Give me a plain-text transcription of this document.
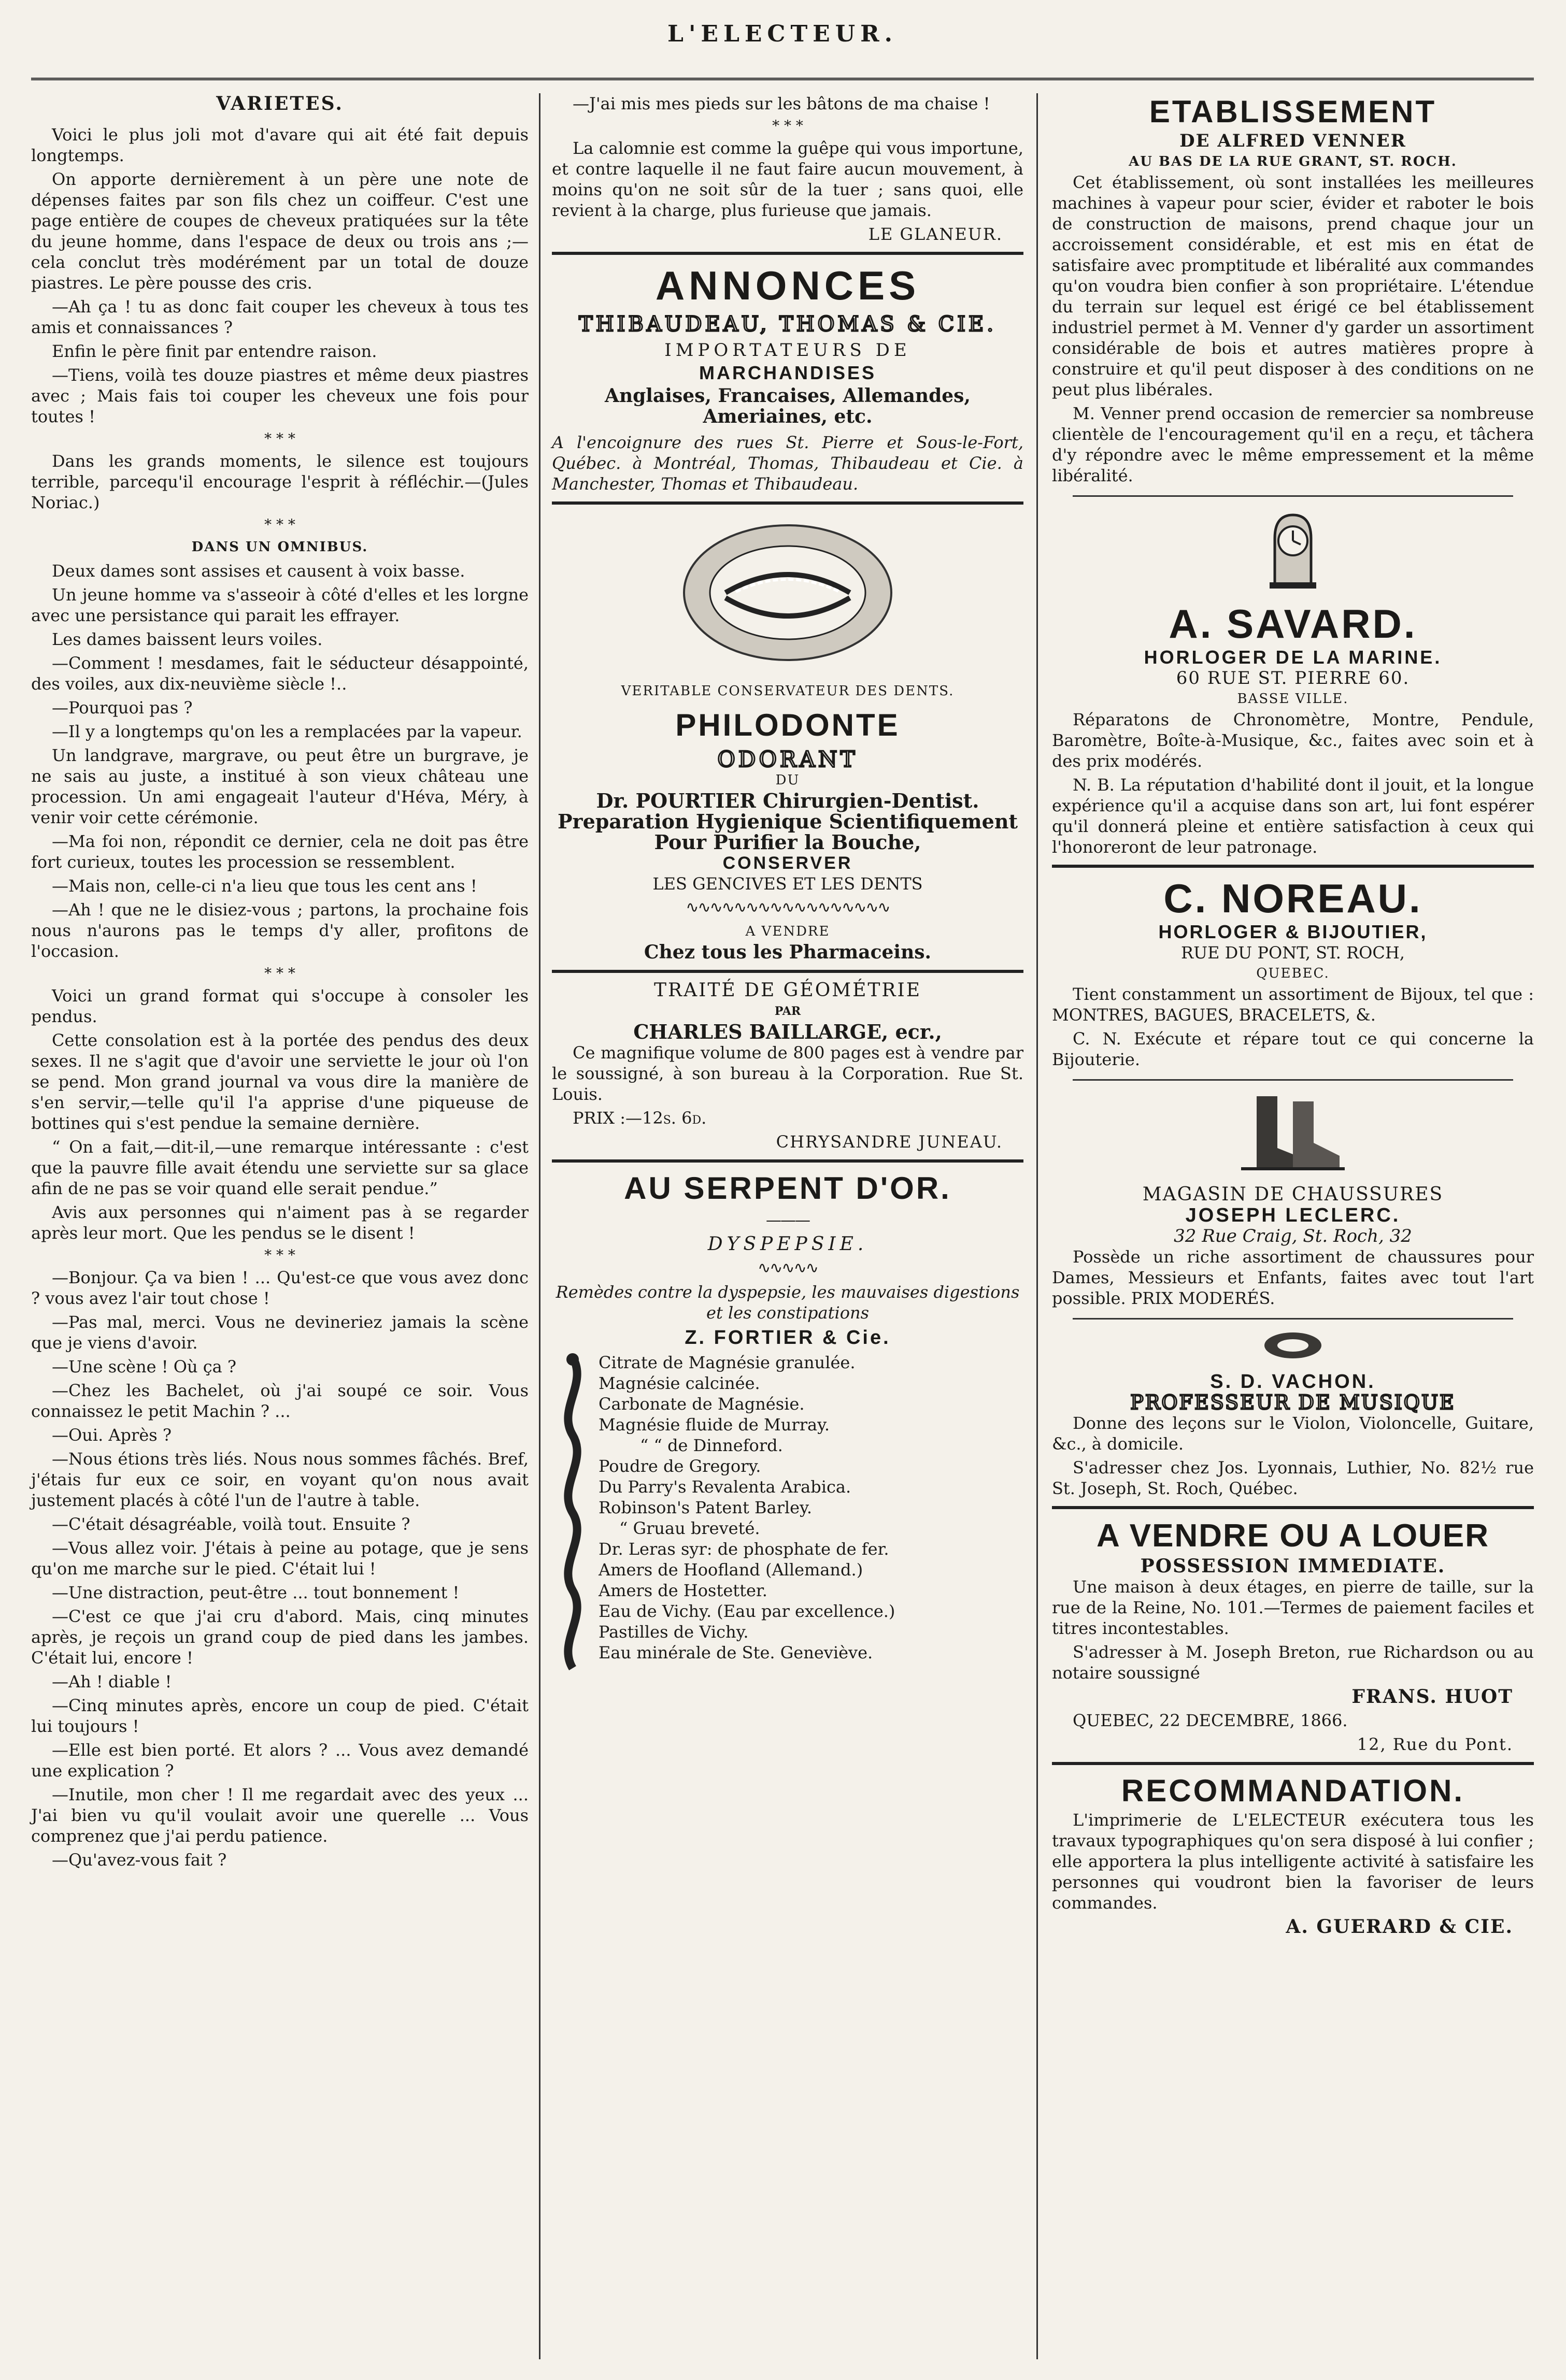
L'ELECTEUR.

VARIETES.

Voici le plus joli mot d'avare qui ait été fait depuis longtemps.

On apporte dernièrement à un père une note de dépenses faites par son fils chez un coiffeur. C'est une page entière de coupes de cheveux pratiquées sur la tête du jeune homme, dans l'espace de deux ou trois ans ;—cela conclut très modérément par un total de douze piastres. Le père pousse des cris.

—Ah ça ! tu as donc fait couper les cheveux à tous tes amis et connaissances ?

Enfin le père finit par entendre raison.

—Tiens, voilà tes douze piastres et même deux piastres avec ; Mais fais toi couper les cheveux une fois pour toutes !

* * *

Dans les grands moments, le silence est toujours terrible, parcequ'il encourage l'esprit à réfléchir.—(Jules Noriac.)

* * *

DANS UN OMNIBUS.

Deux dames sont assises et causent à voix basse.

Un jeune homme va s'asseoir à côté d'elles et les lorgne avec une persistance qui parait les effrayer.

Les dames baissent leurs voiles.

—Comment ! mesdames, fait le séducteur désappointé, des voiles, aux dix-neuvième siècle !..

—Pourquoi pas ?

—Il y a longtemps qu'on les a remplacées par la vapeur.

Un landgrave, margrave, ou peut être un burgrave, je ne sais au juste, a institué à son vieux château une procession. Un ami engageait l'auteur d'Héva, Méry, à venir voir cette cérémonie.

—Ma foi non, répondit ce dernier, cela ne doit pas être fort curieux, toutes les procession se ressemblent.

—Mais non, celle-ci n'a lieu que tous les cent ans !

—Ah ! que ne le disiez-vous ; partons, la prochaine fois nous n'aurons pas le temps d'y aller, profitons de l'occasion.

* * *

Voici un grand format qui s'occupe à consoler les pendus.

Cette consolation est à la portée des pendus des deux sexes. Il ne s'agit que d'avoir une serviette le jour où l'on se pend. Mon grand journal va vous dire la manière de s'en servir,—telle qu'il l'a apprise d'une piqueuse de bottines qui s'est pendue la semaine dernière.

“ On a fait,—dit-il,—une remarque intéressante : c'est que la pauvre fille avait étendu une serviette sur sa glace afin de ne pas se voir quand elle serait pendue.”

Avis aux personnes qui n'aiment pas à se regarder après leur mort. Que les pendus se le disent !

* * *

—Bonjour. Ça va bien ! ... Qu'est-ce que vous avez donc ? vous avez l'air tout chose !

—Pas mal, merci. Vous ne devineriez jamais la scène que je viens d'avoir.

—Une scène ! Où ça ?

—Chez les Bachelet, où j'ai soupé ce soir. Vous connaissez le petit Machin ? ...

—Oui. Après ?

—Nous étions très liés. Nous nous sommes fâchés. Bref, j'étais fur eux ce soir, en voyant qu'on nous avait justement placés à côté l'un de l'autre à table.

—C'était désagréable, voilà tout. Ensuite ?

—Vous allez voir. J'étais à peine au potage, que je sens qu'on me marche sur le pied. C'était lui !

—Une distraction, peut-être ... tout bonnement !

—C'est ce que j'ai cru d'abord. Mais, cinq minutes après, je reçois un grand coup de pied dans les jambes. C'était lui, encore !

—Ah ! diable !

—Cinq minutes après, encore un coup de pied. C'était lui toujours !

—Elle est bien porté. Et alors ? ... Vous avez demandé une explication ?

—Inutile, mon cher ! Il me regardait avec des yeux ... J'ai bien vu qu'il voulait avoir une querelle ... Vous comprenez que j'ai perdu patience.

—Qu'avez-vous fait ?

—J'ai mis mes pieds sur les bâtons de ma chaise !

* * *

La calomnie est comme la guêpe qui vous importune, et contre laquelle il ne faut faire aucun mouvement, à moins qu'on ne soit sûr de la tuer ; sans quoi, elle revient à la charge, plus furieuse que jamais.

LE GLANEUR.

ANNONCES
THIBAUDEAU, THOMAS & CIE.
IMPORTATEURS DE
MARCHANDISES
Anglaises, Francaises, Allemandes,
Ameriaines, etc.

A l'encoignure des rues St. Pierre et Sous-le-Fort, Québec. à Montréal, Thomas, Thibaudeau et Cie. à Manchester, Thomas et Thibaudeau.

VERITABLE CONSERVATEUR DES DENTS.
PHILODONTE
ODORANT
DU
Dr. POURTIER Chirurgien-Dentist.
Preparation Hygienique Scientifiquement
Pour Purifier la Bouche,
CONSERVER
LES GENCIVES ET LES DENTS
∿∿∿∿∿∿∿∿∿∿∿∿∿∿∿∿∿
A VENDRE
Chez tous les Pharmaceins.
TRAITÉ DE GÉOMÉTRIE
PAR
CHARLES BAILLARGE, ecr.,

Ce magnifique volume de 800 pages est à vendre par le soussigné, à son bureau à la Corporation. Rue St. Louis.

PRIX :—12s. 6d.

CHRYSANDRE JUNEAU.

AU SERPENT D'OR.
———
DYSPEPSIE.
∿∿∿∿∿

Remèdes contre la dyspepsie, les mauvaises digestions et les constipations

Z. FORTIER & Cie.
Citrate de Magnésie granulée.
Magnésie calcinée.
Carbonate de Magnésie.
Magnésie fluide de Murray.
“ “ de Dinneford.
Poudre de Gregory.
Du Parry's Revalenta Arabica.
Robinson's Patent Barley.
“ Gruau breveté.
Dr. Leras syr: de phosphate de fer.
Amers de Hoofland (Allemand.)
Amers de Hostetter.
Eau de Vichy. (Eau par excellence.)
Pastilles de Vichy.
Eau minérale de Ste. Geneviève.
ETABLISSEMENT
DE ALFRED VENNER
AU BAS DE LA RUE GRANT, ST. ROCH.

Cet établissement, où sont installées les meilleures machines à vapeur pour scier, évider et raboter le bois de construction de maisons, prend chaque jour un accroissement considérable, et est mis en état de satisfaire avec promptitude et libéralité aux commandes qu'on voudra bien confier à son propriétaire. L'étendue du terrain sur lequel est érigé ce bel établissement industriel permet à M. Venner d'y garder un assortiment considérable de bois et autres matières propre à construire et qu'il peut disposer à des conditions on ne peut plus libérales.

M. Venner prend occasion de remercier sa nombreuse clientèle de l'encouragement qu'il en a reçu, et tâchera d'y répondre avec le même empressement et la même libéralité.

A. SAVARD.
HORLOGER DE LA MARINE.
60 RUE ST. PIERRE 60.
BASSE VILLE.

Réparatons de Chronomètre, Montre, Pendule, Baromètre, Boîte-à-Musique, &c., faites avec soin et à des prix modérés.

N. B. La réputation d'habilité dont il jouit, et la longue expérience qu'il a acquise dans son art, lui font espérer qu'il donnerá pleine et entière satisfaction à ceux qui l'honoreront de leur patronage.

C. NOREAU.
HORLOGER & BIJOUTIER,
RUE DU PONT, ST. ROCH,
QUEBEC.

Tient constamment un assortiment de Bijoux, tel que : MONTRES, BAGUES, BRACELETS, &.

C. N. Exécute et répare tout ce qui concerne la Bijouterie.

MAGASIN DE CHAUSSURES
JOSEPH LECLERC.
32 Rue Craig, St. Roch, 32

Possède un riche assortiment de chaussures pour Dames, Messieurs et Enfants, faites avec tout l'art possible. PRIX MODERÉS.

S. D. VACHON.
PROFESSEUR DE MUSIQUE

Donne des leçons sur le Violon, Violoncelle, Guitare, &c., à domicile.

S'adresser chez Jos. Lyonnais, Luthier, No. 82½ rue St. Joseph, St. Roch, Québec.

A VENDRE OU A LOUER
POSSESSION IMMEDIATE.

Une maison à deux étages, en pierre de taille, sur la rue de la Reine, No. 101.—Termes de paiement faciles et titres incontestables.

S'adresser à M. Joseph Breton, rue Richardson ou au notaire soussigné

FRANS. HUOT

QUEBEC, 22 DECEMBRE, 1866.

12, Rue du Pont.

RECOMMANDATION.

L'imprimerie de L'ELECTEUR exécutera tous les travaux typographiques qu'on sera disposé à lui confier ; elle apportera la plus intelligente activité à satisfaire les personnes qui voudront bien la favoriser de leurs commandes.

A. GUERARD & CIE.
